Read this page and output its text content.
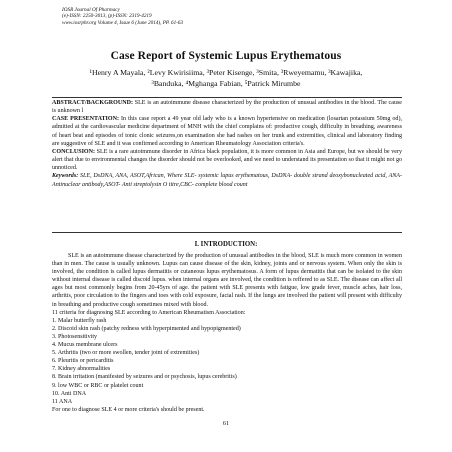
IOSR Journal Of Pharmacy
(e)-ISSN: 2250-3013, (p)-ISSN: 2319-4219
www.iosrphr.org Volume 4, Issue 6 (June 2014), PP. 61-63
Case Report of Systemic Lupus Erythematous
¹Henry A Mayala, ²Levy Kwirisiima, ³Peter Kisenge, ³Smita, ³Rweyemamu, ³Kawajika,
³Banduka, ⁴Mghanga Fabian, ⁵Patrick Mirumbe

ABSTRACT/BACKGROUND: SLE is an autoimmune disease characterized by the production of unusual antibodies in the blood. The cause is unknown l

CASE PRESENTATION: In this case report a 49 year old lady who is a known hypertensive on medication (losartan potassium 50mg od), admitted at the cardiovascular medicine department of MNH with the chief complains of: productive cough, difficulty in breathing, awareness of heart beat and episodes of tonic clonic seizures,on examination she had rashes on her trunk and extremities, clinical and laboratory finding are suggestive of SLE and it was confirmed according to American Rheumatology Association criteria's.

CONCLUSION: SLE is a rare autoimmune disorder in Africa black population, it is more common in Asia and Europe, but we should be very alert that due to environmental changes the disorder should not be overlooked, and we need to understand its presentation so that it might not go unnoticed.

Keywords: SLE, DsDNA, ANA, ASOT,African, Where SLE- systemic lupus erythematous, DsDNA- double strand deoxybonucleated acid, ANA- Antinuclear antibody,ASOT- Anti streptolysin O titre,CBC- complete blood count

I. INTRODUCTION:

SLE is an autoimmune disease characterized by the production of unusual antibodies in the blood, SLE is much more common in women than in men. The cause is usually unknown. Lupus can cause disease of the skin, kidney, joints and or nervous system. When only the skin is involved, the condition is called lupus dermatitis or cutaneous lupus erythematosus. A form of lupus dermatitis that can be isolated to the skin without internal disease is called discoid lupus. when internal organs are involved, the condition is reffered to as SLE. The disease can affect all ages but most commonly begins from 20-45yrs of age. the patient with SLE presents with fatigue, low grade fever, muscle aches, hair loss, arthritis, poor circulation to the fingers and toes with cold exposure, facial rash. If the lungs are involved the patient will present with difficulty in breathing and productive cough sometimes mixed with blood.

11 criteria for diagnosing SLE according to American Rheumatism Association:

1. Malar butterfly rash
2. Discoid skin rash (patchy redness with hyperpimented and hypopigmented)
3. Photosensitivity
4. Mucus membrane ulcers
5. Arthritis (two or more swollen, tender joint of extremities)
6. Pleuritis or pericarditis
7. Kidney abnormalities
8. Brain irritation (manifested by seizures and or psychosis, lupus cerebritis)
9. low WBC or RBC or platelet count
10. Anti DNA
11 ANA

For one to diagnose SLE 4 or more criteria's should be present.

61
